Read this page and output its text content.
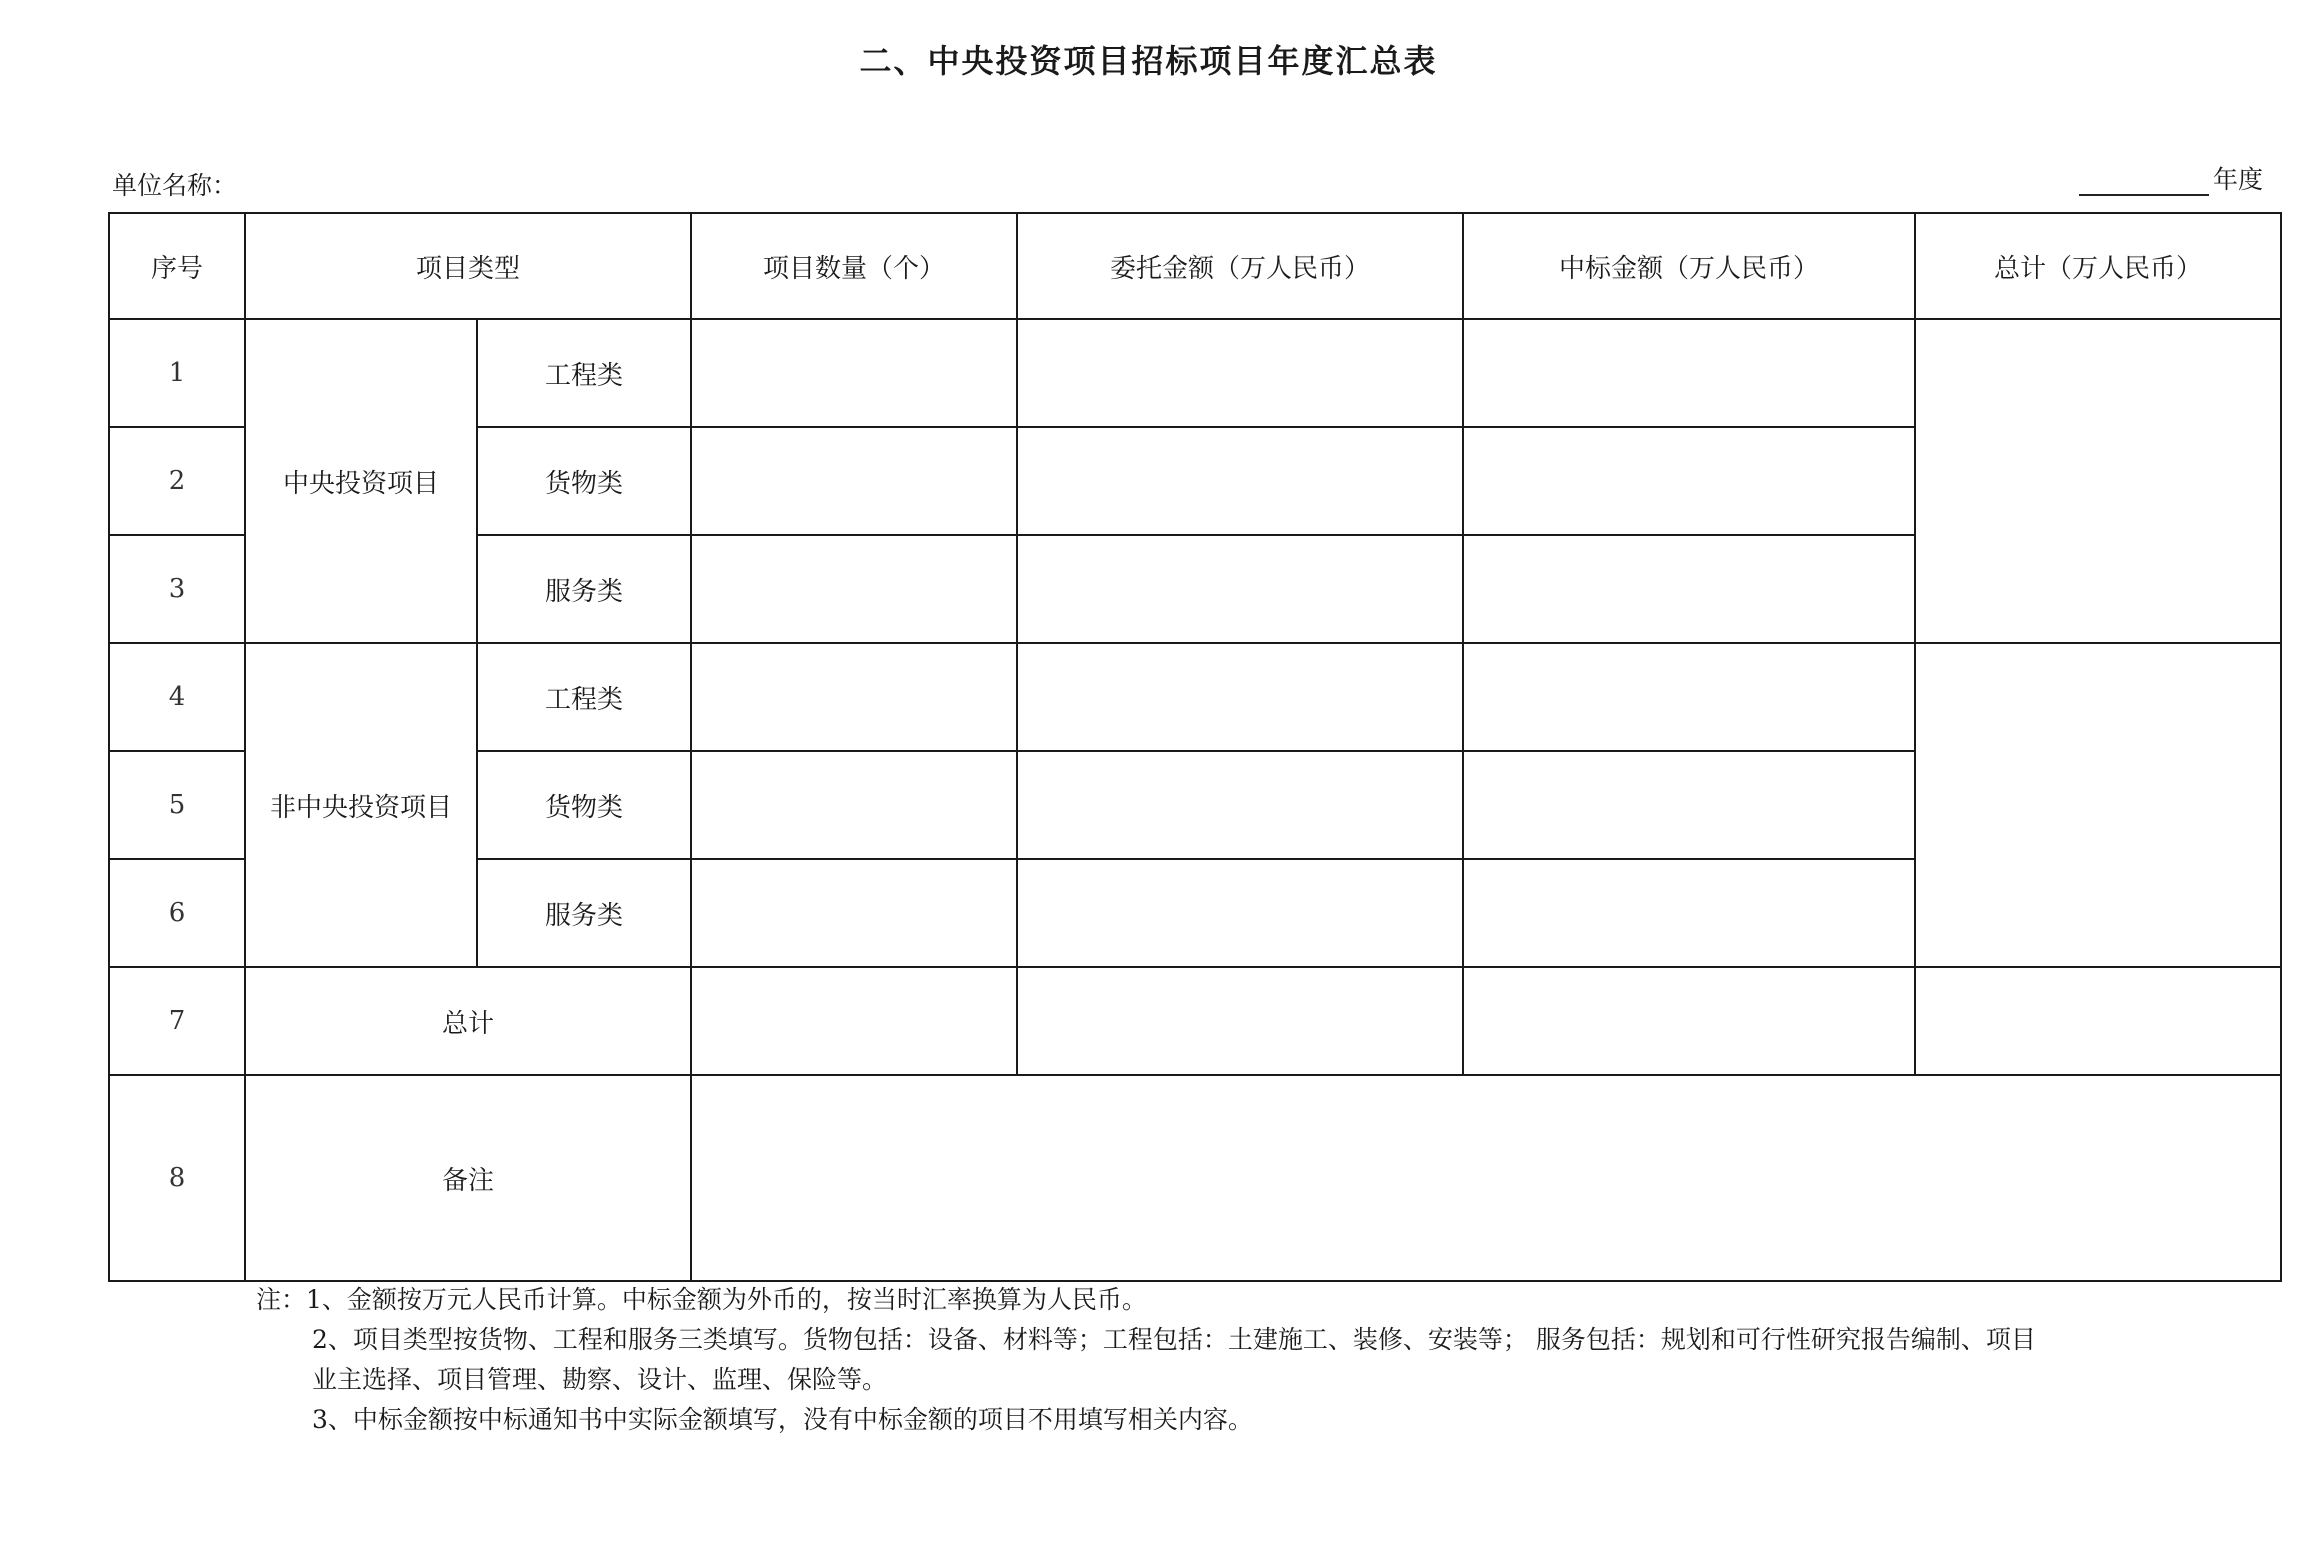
二、中央投资项目招标项目年度汇总表
单位名称：	年度
序号	项目类型		项目数量（个）	委托金额（万人民币）	中标金额（万人民币）	总计（万人民币）
1	中央投资项目	工程类				
2		货物类				
3		服务类				
4	非中央投资项目	工程类				
5		货物类				
6		服务类				
7	总计					
8	备注					
注：1、金额按万元人民币计算。中标金额为外币的，按当时汇率换算为人民币。
2、项目类型按货物、工程和服务三类填写。货物包括：设备、材料等；工程包括：土建施工、装修、安装等； 服务包括：规划和可行性研究报告编制、项目
业主选择、项目管理、勘察、设计、监理、保险等。
3、中标金额按中标通知书中实际金额填写，没有中标金额的项目不用填写相关内容。
